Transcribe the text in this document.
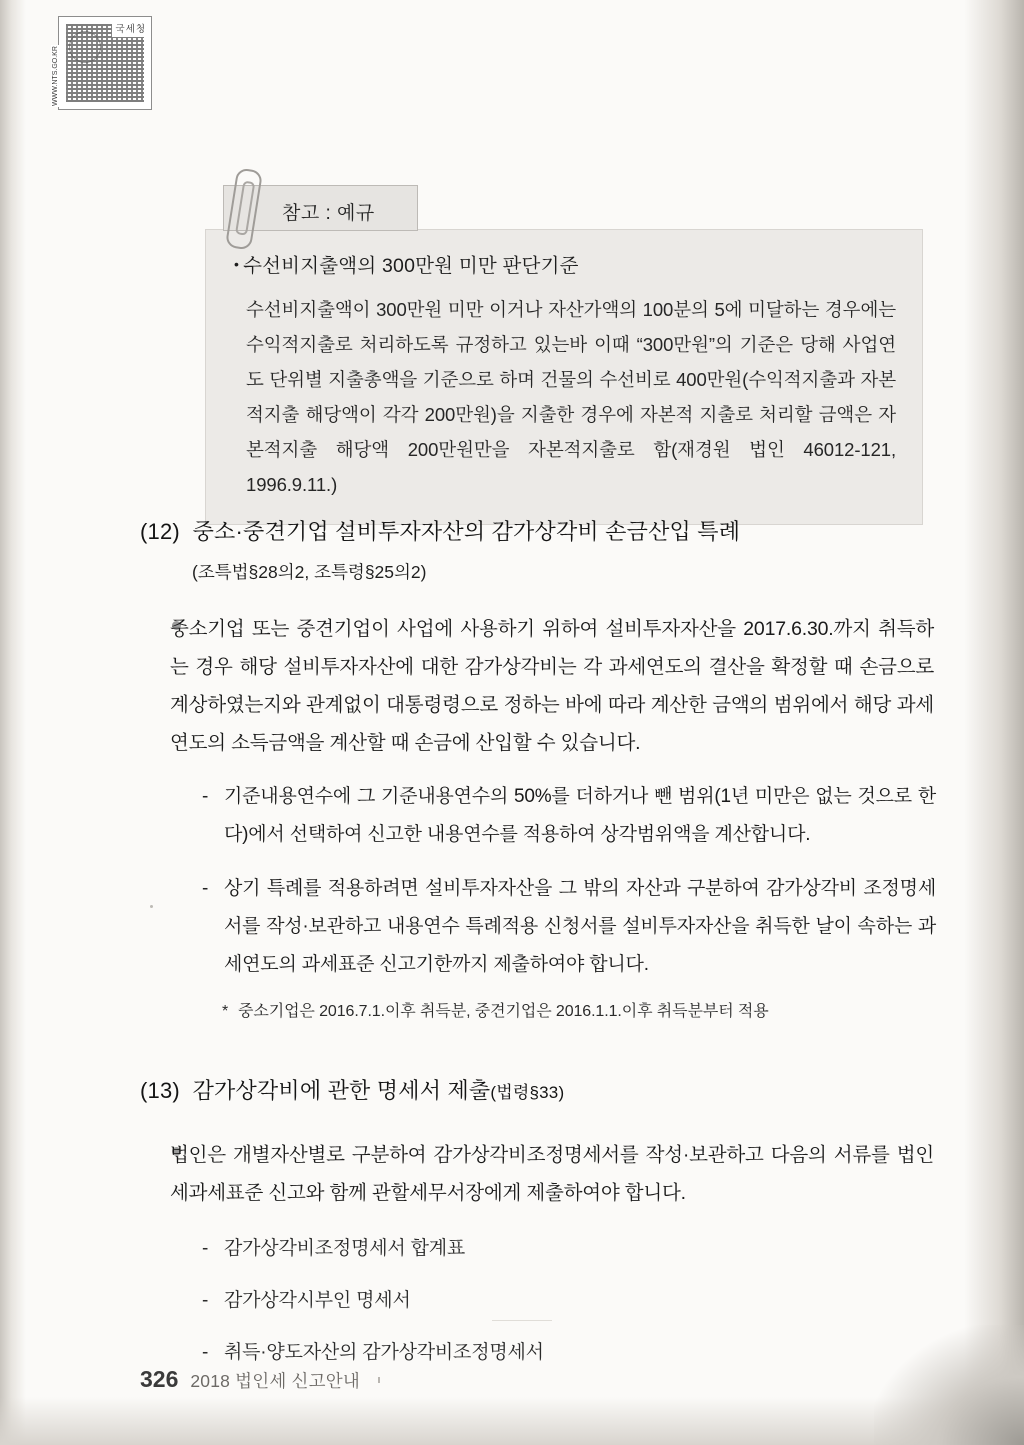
국세청
WWW.NTS.GO.KR
참고 : 예규
• 수선비지출액의 300만원 미만 판단기준

수선비지출액이 300만원 미만 이거나 자산가액의 100분의 5에 미달하는 경우에는 수익적지출로 처리하도록 규정하고 있는바 이때 “300만원”의 기준은 당해 사업연도 단위별 지출총액을 기준으로 하며 건물의 수선비로 400만원(수익적지출과 자본적지출 해당액이 각각 200만원)을 지출한 경우에 자본적 지출로 처리할 금액은 자본적지출 해당액 200만원만을 자본적지출로 함(재경원 법인 46012-121, 1996.9.11.)

(12) 중소·중견기업 설비투자자산의 감가상각비 손금산입 특례
(조특법§28의2, 조특령§25의2)
중소기업 또는 중견기업이 사업에 사용하기 위하여 설비투자자산을 2017.6.30.까지 취득하는 경우 해당 설비투자자산에 대한 감가상각비는 각 과세연도의 결산을 확정할 때 손금으로 계상하였는지와 관계없이 대통령령으로 정하는 바에 따라 계산한 금액의 범위에서 해당 과세연도의 소득금액을 계산할 때 손금에 산입할 수 있습니다.
- 기준내용연수에 그 기준내용연수의 50%를 더하거나 뺀 범위(1년 미만은 없는 것으로 한다)에서 선택하여 신고한 내용연수를 적용하여 상각범위액을 계산합니다.
- 상기 특례를 적용하려면 설비투자자산을 그 밖의 자산과 구분하여 감가상각비 조정명세서를 작성·보관하고 내용연수 특례적용 신청서를 설비투자자산을 취득한 날이 속하는 과세연도의 과세표준 신고기한까지 제출하여야 합니다.
* 중소기업은 2016.7.1.이후 취득분, 중견기업은 2016.1.1.이후 취득분부터 적용
(13) 감가상각비에 관한 명세서 제출(법령§33)
법인은 개별자산별로 구분하여 감가상각비조정명세서를 작성·보관하고 다음의 서류를 법인세과세표준 신고와 함께 관할세무서장에게 제출하여야 합니다.
- 감가상각비조정명세서 합계표
- 감가상각시부인 명세서
- 취득·양도자산의 감가상각비조정명세서
326 2018 법인세 신고안내
